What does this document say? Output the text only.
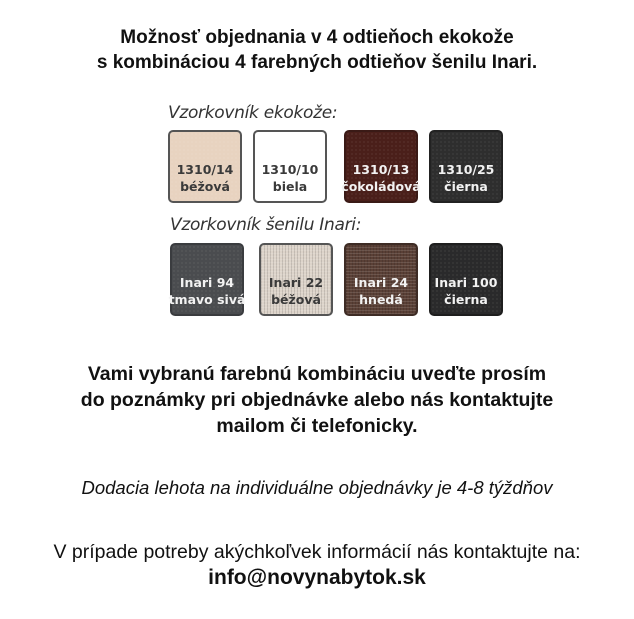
Možnosť objednania v 4 odtieňoch ekokože
s kombináciou 4 farebných odtieňov šenilu Inari.
Vzorkovník ekokože:
1310/14
béžová
1310/10
biela
1310/13
čokoládová
1310/25
čierna
Vzorkovník šenilu Inari:
Inari 94
tmavo sivá
Inari 22
béžová
Inari 24
hnedá
Inari 100
čierna
Vami vybranú farebnú kombináciu uveďte prosím
do poznámky pri objednávke alebo nás kontaktujte
mailom či telefonicky.
Dodacia lehota na individuálne objednávky je 4-8 týždňov
V prípade potreby akýchkoľvek informácií nás kontaktujte na:
info@novynabytok.sk
